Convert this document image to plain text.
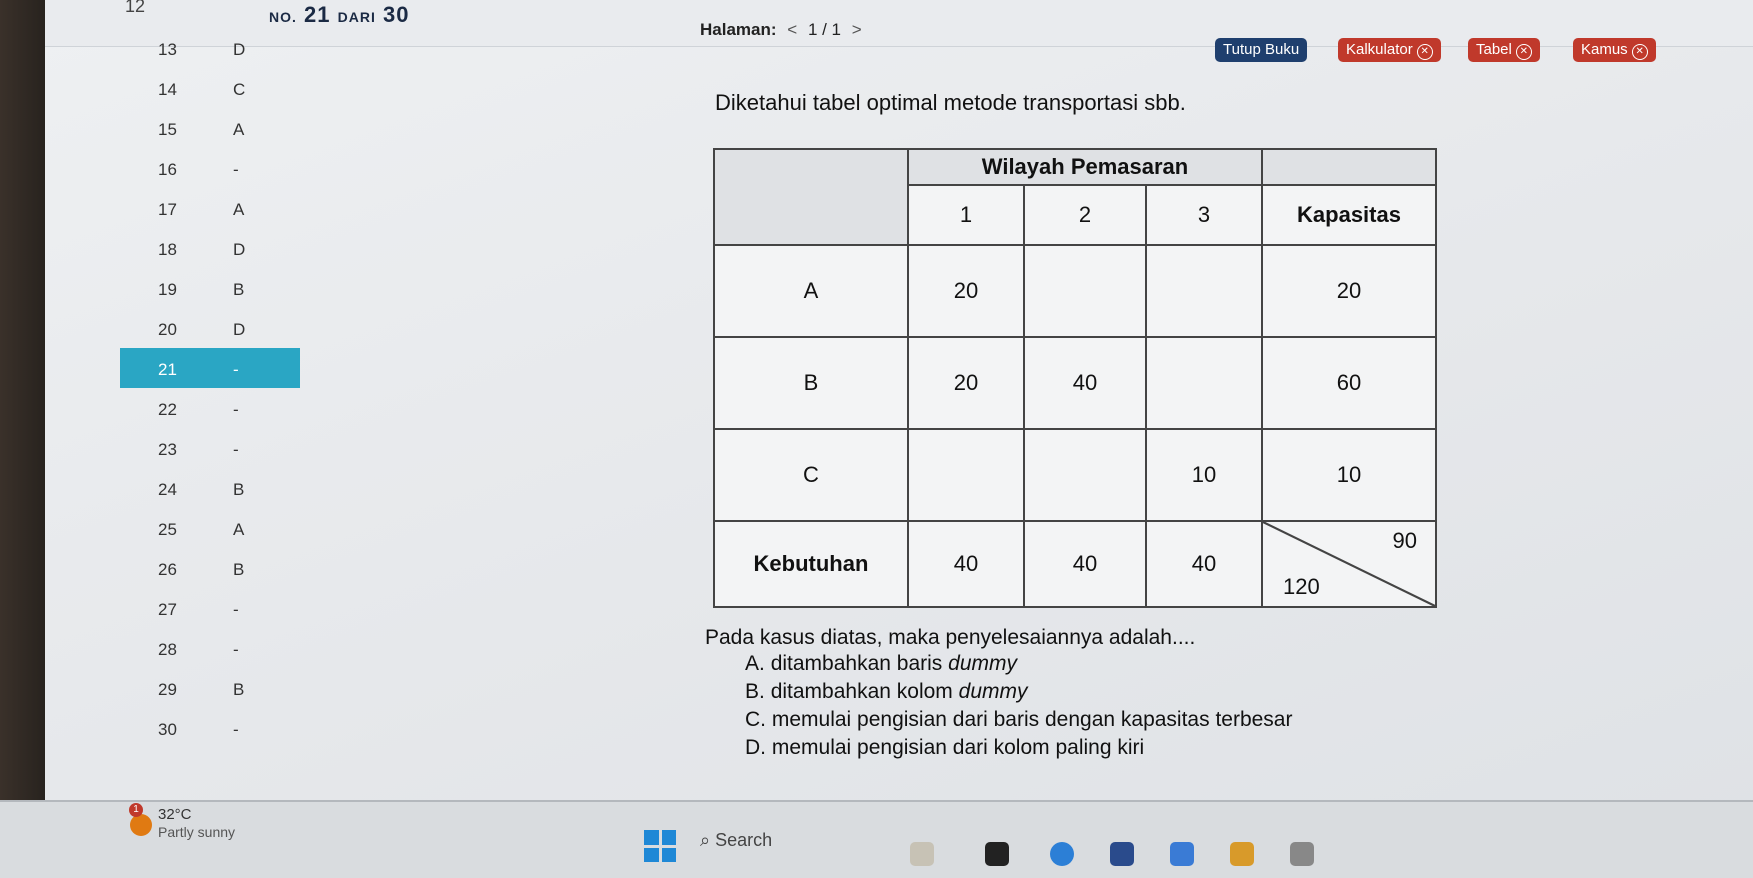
12
NO. 21 DARI 30
Halaman: < 1 / 1 >
Tutup Buku	Kalkulator ✕	Tabel ✕	Kamus ✕
13	D
14	C
15	A
16	-
17	A
18	D
19	B
20	D
21	-
22	-
23	-
24	B
25	A
26	B
27	-
28	-
29	B
30	-
Diketahui tabel optimal metode transportasi sbb.
	Wilayah Pemasaran			
	1	2	3	Kapasitas
A	20			20
B	20	40		60
C			10	10
Kebutuhan	40	40	40	90
120
Pada kasus diatas, maka penyelesaiannya adalah....
A. ditambahkan baris dummy
B. ditambahkan kolom dummy
C. memulai pengisian dari baris dengan kapasitas terbesar
D. memulai pengisian dari kolom paling kiri
1 32°C
Partly sunny	⌕ Search
